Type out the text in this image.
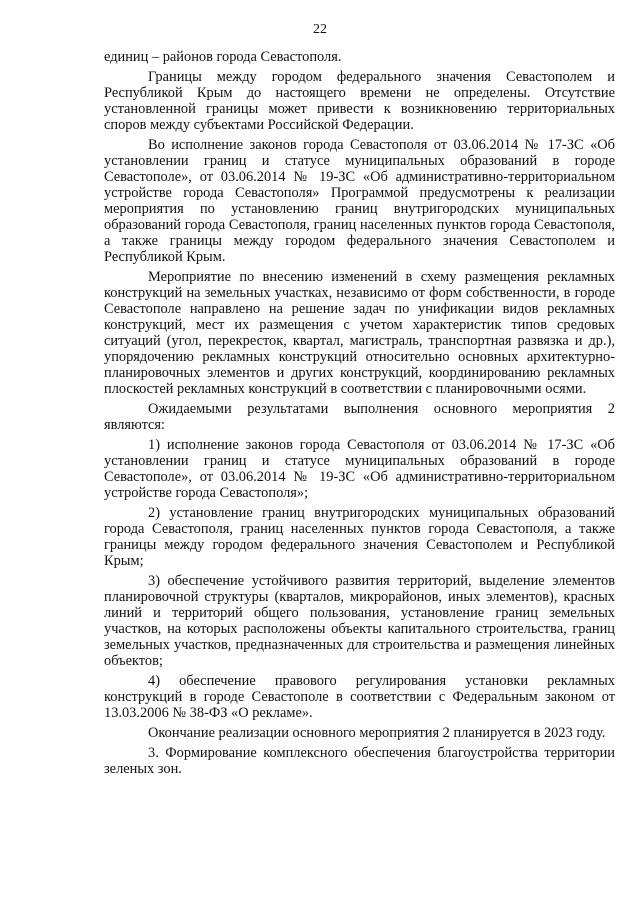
22

единиц – районов города Севастополя.

Границы между городом федерального значения Севастополем и Республикой Крым до настоящего времени не определены. Отсутствие установленной границы может привести к возникновению территориальных споров между субъектами Российской Федерации.

Во исполнение законов города Севастополя от 03.06.2014 № 17-ЗС «Об установлении границ и статусе муниципальных образований в городе Севастополе», от 03.06.2014 № 19-ЗС «Об административно-территориальном устройстве города Севастополя» Программой предусмотрены к реализации мероприятия по установлению границ внутригородских муниципальных образований города Севастополя, границ населенных пунктов города Севастополя, а также границы между городом федерального значения Севастополем и Республикой Крым.

Мероприятие по внесению изменений в схему размещения рекламных конструкций на земельных участках, независимо от форм собственности, в городе Севастополе направлено на решение задач по унификации видов рекламных конструкций, мест их размещения с учетом характеристик типов средовых ситуаций (угол, перекресток, квартал, магистраль, транспортная развязка и др.), упорядочению рекламных конструкций относительно основных архитектурно-планировочных элементов и других конструкций, координированию рекламных плоскостей рекламных конструкций в соответствии с планировочными осями.

Ожидаемыми результатами выполнения основного мероприятия 2 являются:

1) исполнение законов города Севастополя от 03.06.2014 № 17-ЗС «Об установлении границ и статусе муниципальных образований в городе Севастополе», от 03.06.2014 № 19-ЗС «Об административно-территориальном устройстве города Севастополя»;

2) установление границ внутригородских муниципальных образований города Севастополя, границ населенных пунктов города Севастополя, а также границы между городом федерального значения Севастополем и Республикой Крым;

3) обеспечение устойчивого развития территорий, выделение элементов планировочной структуры (кварталов, микрорайонов, иных элементов), красных линий и территорий общего пользования, установление границ земельных участков, на которых расположены объекты капитального строительства, границ земельных участков, предназначенных для строительства и размещения линейных объектов;

4) обеспечение правового регулирования установки рекламных конструкций в городе Севастополе в соответствии с Федеральным законом от 13.03.2006 № 38-ФЗ «О рекламе».

Окончание реализации основного мероприятия 2 планируется в 2023 году.

3. Формирование комплексного обеспечения благоустройства территории зеленых зон.
